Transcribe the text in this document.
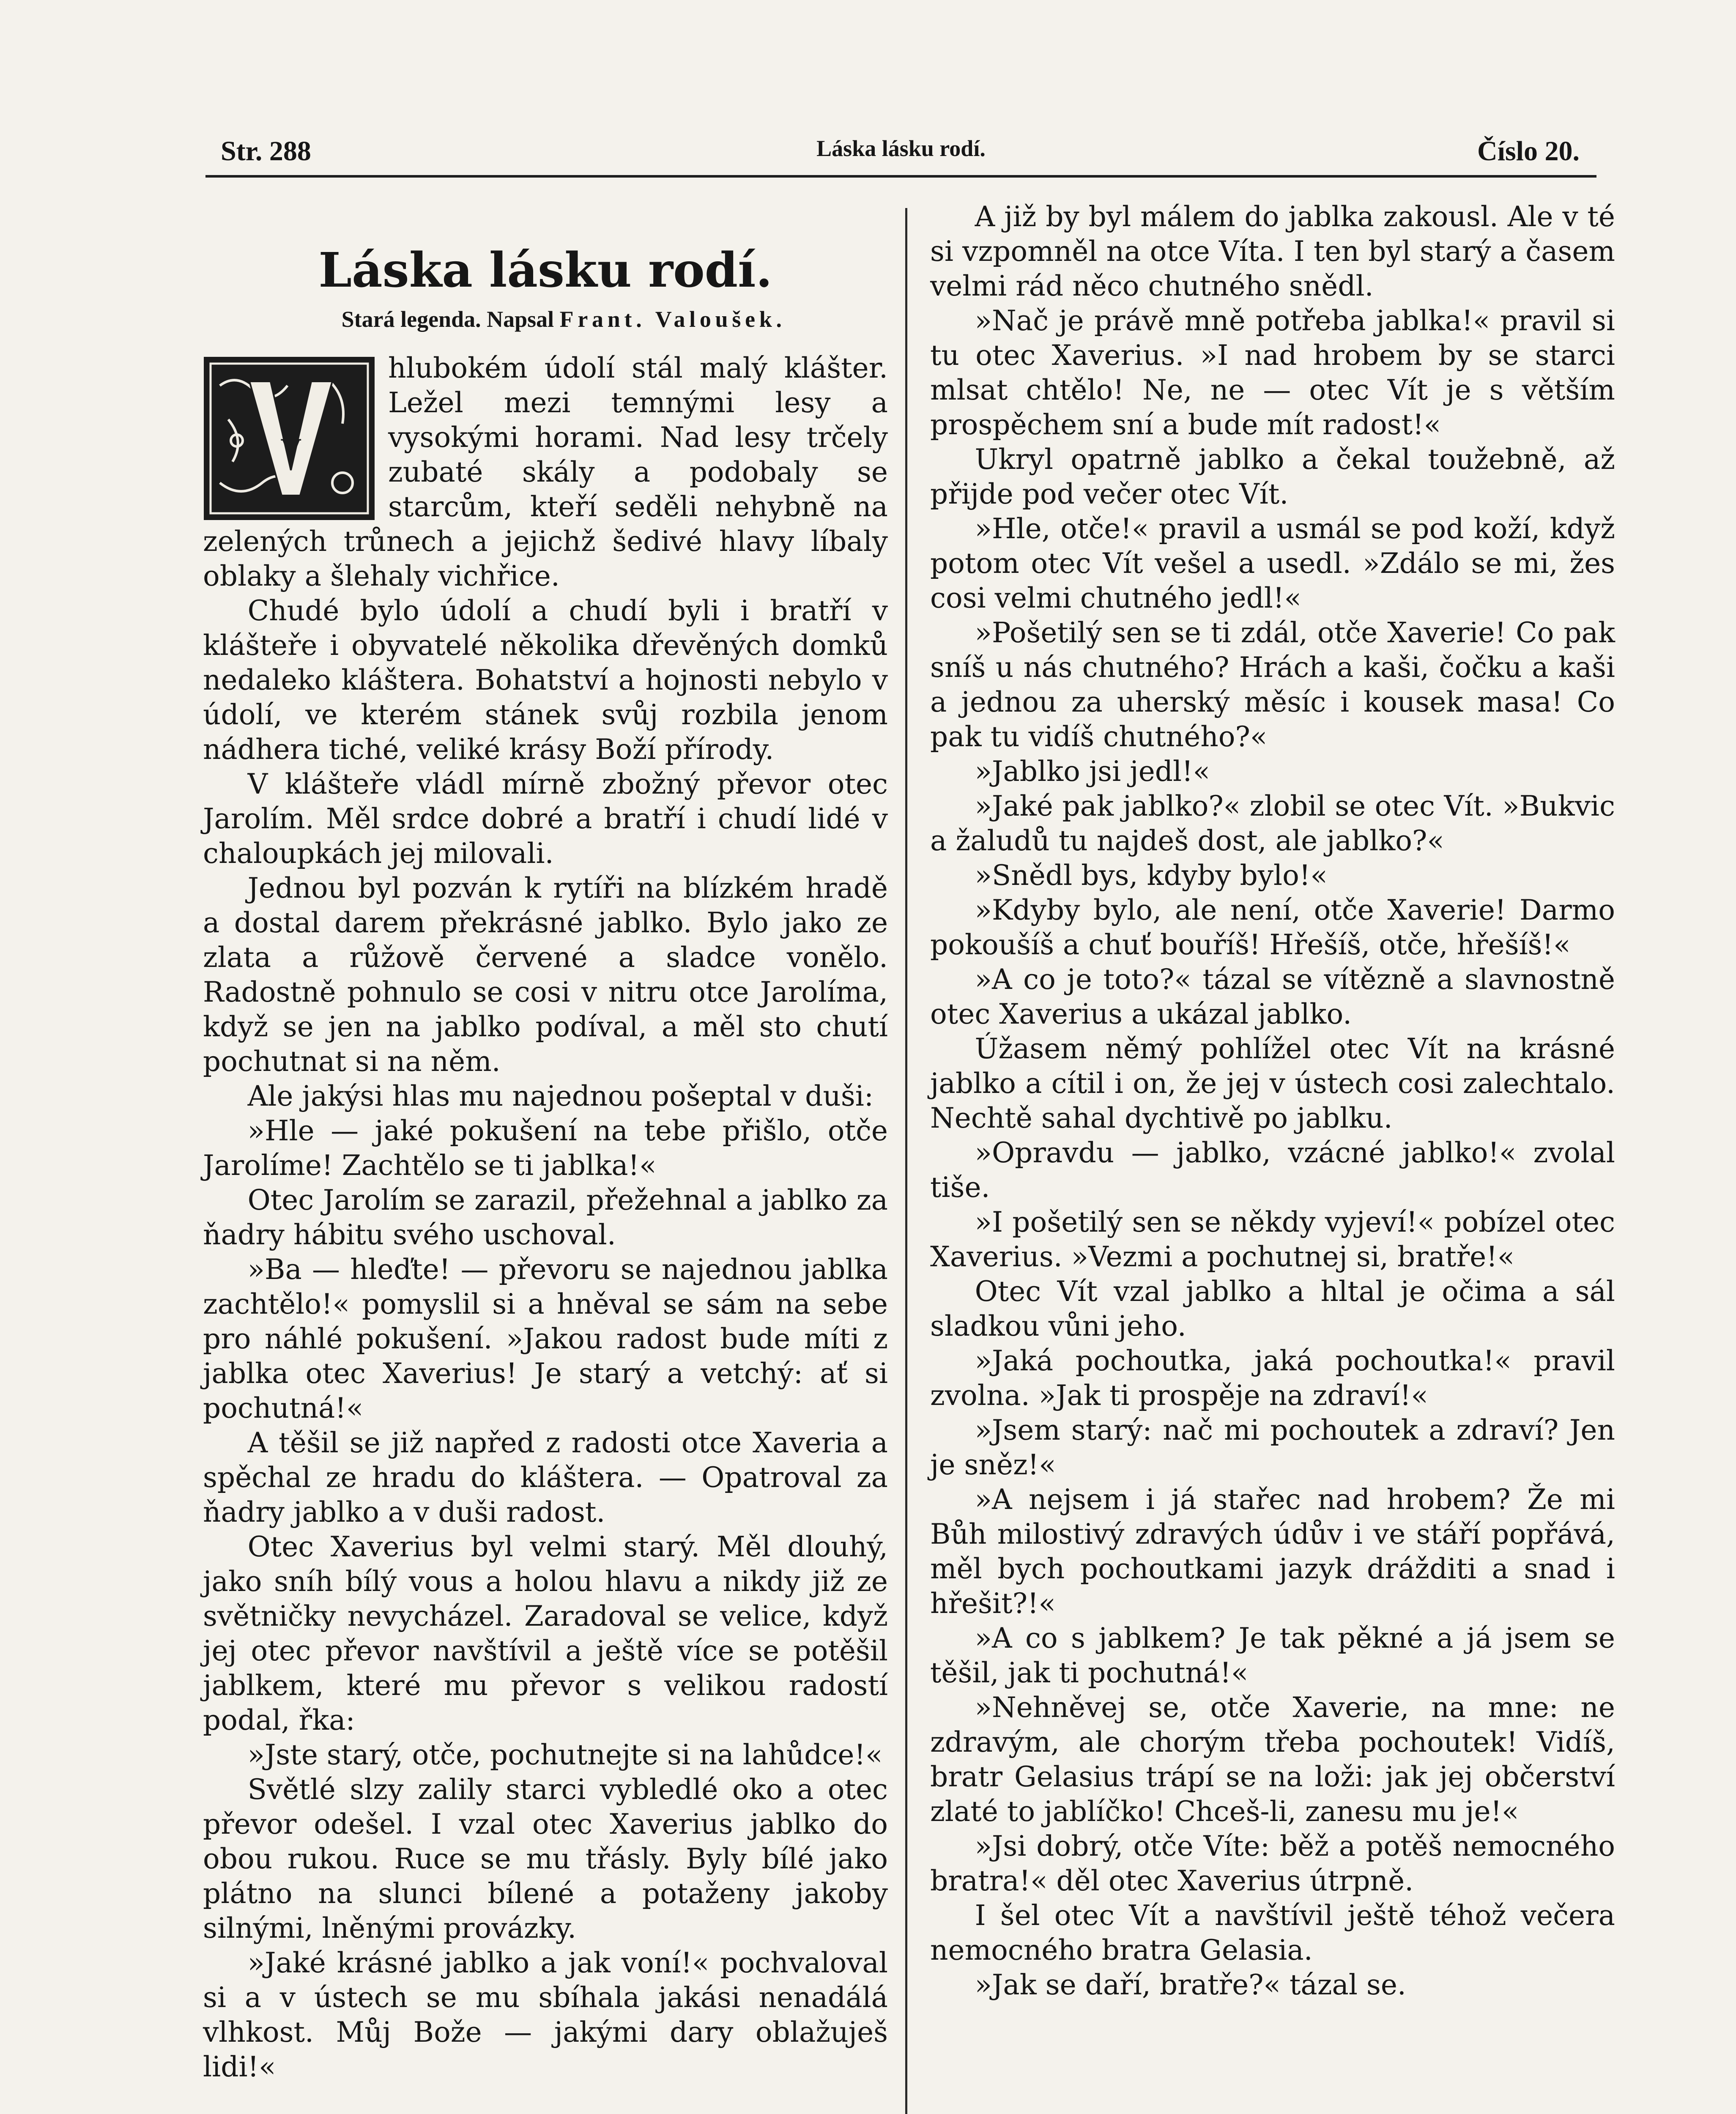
Str. 288	Láska lásku rodí.	Číslo 20.
Láska lásku rodí.

Stará legenda. Napsal Frant. Valoušek.

V
hlubokém údolí stál malý klášter. Ležel mezi temnými lesy a vysokými horami. Nad lesy trčely zubaté skály a podobaly se starcům, kteří seděli nehybně na zelených trůnech a jejichž šedivé hlavy líbaly oblaky a šlehaly vichřice.

Chudé bylo údolí a chudí byli i bratří v klášteře i obyvatelé několika dřevěných domků nedaleko kláštera. Bohatství a hojnosti nebylo v údolí, ve kterém stánek svůj rozbila jenom nádhera tiché, veliké krásy Boží přírody.

V klášteře vládl mírně zbožný převor otec Jarolím. Měl srdce dobré a bratří i chudí lidé v chaloupkách jej milovali.

Jednou byl pozván k rytíři na blízkém hradě a dostal darem překrásné jablko. Bylo jako ze zlata a růžově červené a sladce vonělo. Radostně pohnulo se cosi v nitru otce Jarolíma, když se jen na jablko podíval, a měl sto chutí pochutnat si na něm.

Ale jakýsi hlas mu najednou pošeptal v duši:

»Hle — jaké pokušení na tebe přišlo, otče Jarolíme! Zachtělo se ti jablka!«

Otec Jarolím se zarazil, přežehnal a jablko za ňadry hábitu svého uschoval.

»Ba — hleďte! — převoru se najednou jablka zachtělo!« pomyslil si a hněval se sám na sebe pro náhlé pokušení. »Jakou radost bude míti z jablka otec Xaverius! Je starý a vetchý: ať si pochutná!«

A těšil se již napřed z radosti otce Xaveria a spěchal ze hradu do kláštera. — Opatroval za ňadry jablko a v duši radost.

Otec Xaverius byl velmi starý. Měl dlouhý, jako sníh bílý vous a holou hlavu a nikdy již ze světničky nevycházel. Zaradoval se velice, když jej otec převor navštívil a ještě více se potěšil jablkem, které mu převor s velikou radostí podal, řka:

»Jste starý, otče, pochutnejte si na lahůdce!«

Světlé slzy zalily starci vybledlé oko a otec převor odešel. I vzal otec Xaverius jablko do obou rukou. Ruce se mu třásly. Byly bílé jako plátno na slunci bílené a potaženy jakoby silnými, lněnými provázky.

»Jaké krásné jablko a jak voní!« pochvaloval si a v ústech se mu sbíhala jakási nenadálá vlhkost. Můj Bože — jakými dary oblažuješ lidi!«

A již by byl málem do jablka zakousl. Ale v té si vzpomněl na otce Víta. I ten byl starý a časem velmi rád něco chutného snědl.

»Nač je právě mně potřeba jablka!« pravil si tu otec Xaverius. »I nad hrobem by se starci mlsat chtělo! Ne, ne — otec Vít je s větším prospěchem sní a bude mít radost!«

Ukryl opatrně jablko a čekal toužebně, až přijde pod večer otec Vít.

»Hle, otče!« pravil a usmál se pod koží, když potom otec Vít vešel a usedl. »Zdálo se mi, žes cosi velmi chutného jedl!«

»Pošetilý sen se ti zdál, otče Xaverie! Co pak sníš u nás chutného? Hrách a kaši, čočku a kaši a jednou za uherský měsíc i kousek masa! Co pak tu vidíš chutného?«

»Jablko jsi jedl!«

»Jaké pak jablko?« zlobil se otec Vít. »Bukvic a žaludů tu najdeš dost, ale jablko?«

»Snědl bys, kdyby bylo!«

»Kdyby bylo, ale není, otče Xaverie! Darmo pokoušíš a chuť bouříš! Hřešíš, otče, hřešíš!«

»A co je toto?« tázal se vítězně a slavnostně otec Xaverius a ukázal jablko.

Úžasem němý pohlížel otec Vít na krásné jablko a cítil i on, že jej v ústech cosi zalechtalo. Nechtě sahal dychtivě po jablku.

»Opravdu — jablko, vzácné jablko!« zvolal tiše.

»I pošetilý sen se někdy vyjeví!« pobízel otec Xaverius. »Vezmi a pochutnej si, bratře!«

Otec Vít vzal jablko a hltal je očima a sál sladkou vůni jeho.

»Jaká pochoutka, jaká pochoutka!« pravil zvolna. »Jak ti prospěje na zdraví!«

»Jsem starý: nač mi pochoutek a zdraví? Jen je sněz!«

»A nejsem i já stařec nad hrobem? Že mi Bůh milostivý zdravých údův i ve stáří popřává, měl bych pochoutkami jazyk drážditi a snad i hřešit?!«

»A co s jablkem? Je tak pěkné a já jsem se těšil, jak ti pochutná!«

»Nehněvej se, otče Xaverie, na mne: ne zdravým, ale chorým třeba pochoutek! Vidíš, bratr Gelasius trápí se na loži: jak jej občerství zlaté to jablíčko! Chceš-li, zanesu mu je!«

»Jsi dobrý, otče Víte: běž a potěš nemocného bratra!« děl otec Xaverius útrpně.

I šel otec Vít a navštívil ještě téhož večera nemocného bratra Gelasia.

»Jak se daří, bratře?« tázal se.
